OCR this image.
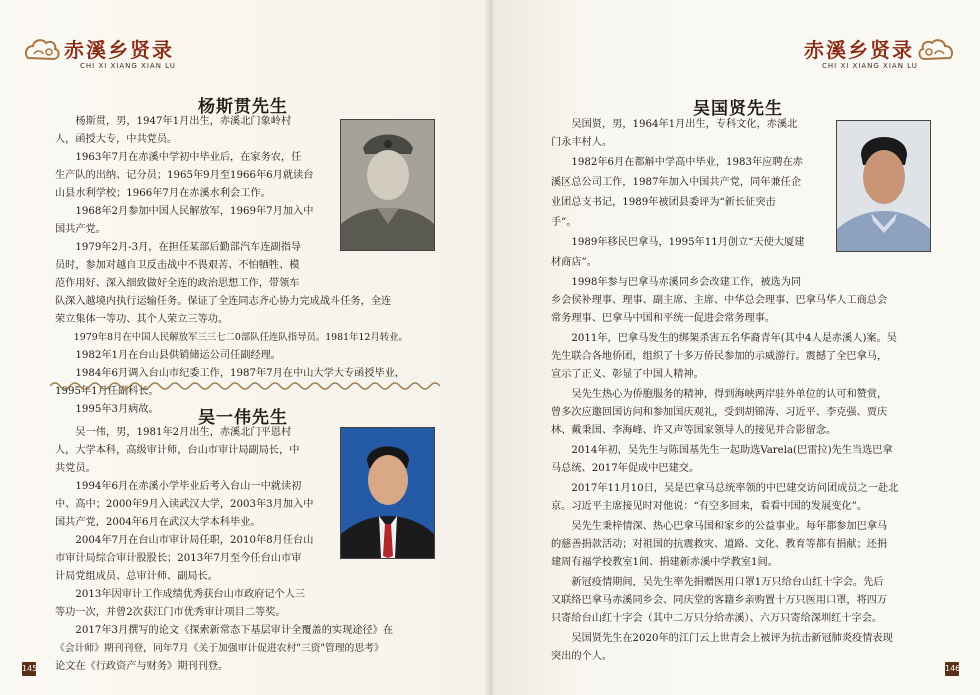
赤溪乡贤录
CHI XI XIANG XIAN LU
杨斯贯先生

杨斯贯，男，1947年1月出生，赤溪北门象岭村

人，函授大专，中共党员。

1963年7月在赤溪中学初中毕业后，在家务农，任

生产队的出纳、记分员；1965年9月至1966年6月就读台

山县水利学校；1966年7月在赤溪水利会工作。

1968年2月参加中国人民解放军，1969年7月加入中

国共产党。

1979年2月-3月，在担任某部后勤部汽车连副指导

员时，参加对越自卫反击战中不畏艰苦、不怕牺牲、模

范作用好、深入细致做好全连的政治思想工作，带领车

队深入越境内执行运输任务。保证了全连同志齐心协力完成战斗任务，全连

荣立集体一等功、其个人荣立三等功。

1979年8月在中国人民解放军三三七二0部队任连队指导员。1981年12月转业。

1982年1月在台山县供销储运公司任副经理。

1984年6月调入台山市纪委工作，1987年7月在中山大学大专函授毕业，

1995年1月任副科长。

1995年3月病故。	吴一伟先生

吴一伟，男，1981年2月出生，赤溪北门平恩村

人，大学本科，高级审计师，台山市审计局副局长，中

共党员。

1994年6月在赤溪小学毕业后考入台山一中就读初

中、高中；2000年9月入读武汉大学，2003年3月加入中

国共产党，2004年6月在武汉大学本科毕业。

2004年7月在台山市审计局任职，2010年8月任台山

市审计局综合审计股股长；2013年7月至今任台山市审

计局党组成员、总审计师、副局长。

2013年因审计工作成绩优秀获台山市政府记个人三

等功一次，并曾2次获江门市优秀审计项目二等奖。

2017年3月撰写的论文《探索新常态下基层审计全覆盖的实现途径》在

《会计师》期刊刊登，同年7月《关于加强审计促进农村"三资"管理的思考》

论文在《行政资产与财务》期刊刊登。

145
赤溪乡贤录
CHI XI XIANG XIAN LU
吴国贤先生

吴国贤，男，1964年1月出生，专科文化，赤溪北

门永丰村人。

1982年6月在都斛中学高中毕业，1983年应聘在赤

溪区总公司工作，1987年加入中国共产党，同年兼任企

业团总支书记，1989年被团县委评为“新长征突击

手”。

1989年移民巴拿马，1995年11月创立“天使大厦建

材商店”。

1998年参与巴拿马赤溪同乡会改建工作，被选为同

乡会侯补理事、理事、副主席、主席、中华总会理事、巴拿马华人工商总会

常务理事、巴拿马中国和平统一促进会常务理事。

2011年，巴拿马发生的绑架杀害五名华裔青年(其中4人是赤溪人)案。吴

先生联合各地侨团，组织了十多万侨民参加的示威游行。震撼了全巴拿马，

宣示了正义、彰显了中国人精神。

吴先生热心为侨胞服务的精神，得到海峡两岸驻外单位的认可和赞赏，

曾多次应邀回国访问和参加国庆观礼，受到胡锦涛、习近平、李克强、贾庆

林、戴秉国、李海峰、许又声等国家领导人的接见并合影留念。

2014年初，吴先生与陈国基先生一起助选Varela(巴雷拉)先生当选巴拿

马总统、2017年促成中巴建交。

2017年11月10日，吴是巴拿马总统率领的中巴建交访问团成员之一赴北

京。习近平主席接见时对他说：“有空多回来，看看中国的发展变化”。

吴先生秉梓情深、热心巴拿马国和家乡的公益事业。每年都参加巴拿马

的慈善捐款活动；对祖国的抗震救灾、道路、文化、教育等都有捐献；还捐

建周有福学校教室1间、捐建新赤溪中学教室1间。

新冠疫情期间，吴先生率先捐赠医用口罩1万只给台山红十字会。先后

又联络巴拿马赤溪同乡会、同庆堂的客籍乡亲购置十万只医用口罩，将四万

只寄给台山红十字会（其中二万只分给赤溪）、六万只寄给深圳红十字会。

吴国贤先生在2020年的江门云上世青会上被评为抗击新冠肺炎疫情表现

突出的个人。

146
